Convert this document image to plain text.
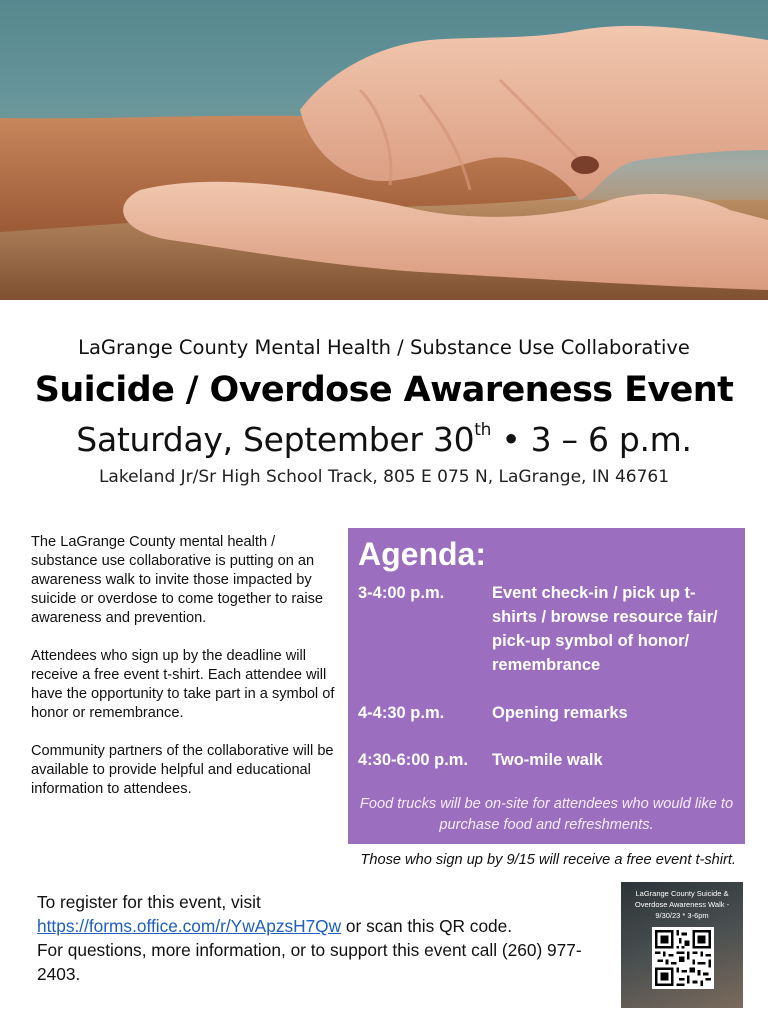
LaGrange County Mental Health / Substance Use Collaborative
Suicide / Overdose Awareness Event
Saturday, September 30th • 3 – 6 p.m.
Lakeland Jr/Sr High School Track, 805 E 075 N, LaGrange, IN 46761

The LaGrange County mental health / substance use collaborative is putting on an awareness walk to invite those impacted by suicide or overdose to come together to raise awareness and prevention.

Attendees who sign up by the deadline will receive a free event t-shirt. Each attendee will have the opportunity to take part in a symbol of honor or remembrance.

Community partners of the collaborative will be available to provide helpful and educational information to attendees.

Agenda:
3-4:00 p.m.	Event check-in / pick up t-shirts / browse resource fair/ pick-up symbol of honor/ remembrance
4-4:30 p.m.	Opening remarks
4:30-6:00 p.m.	Two-mile walk
Food trucks will be on-site for attendees who would like to purchase food and refreshments.
Those who sign up by 9/15 will receive a free event t-shirt.
To register for this event, visit
https://forms.office.com/r/YwApzsH7Qw or scan this QR code.
For questions, more information, or to support this event call (260) 977-2403.
LaGrange County Suicide & Overdose Awareness Walk - 9/30/23 * 3-6pm
